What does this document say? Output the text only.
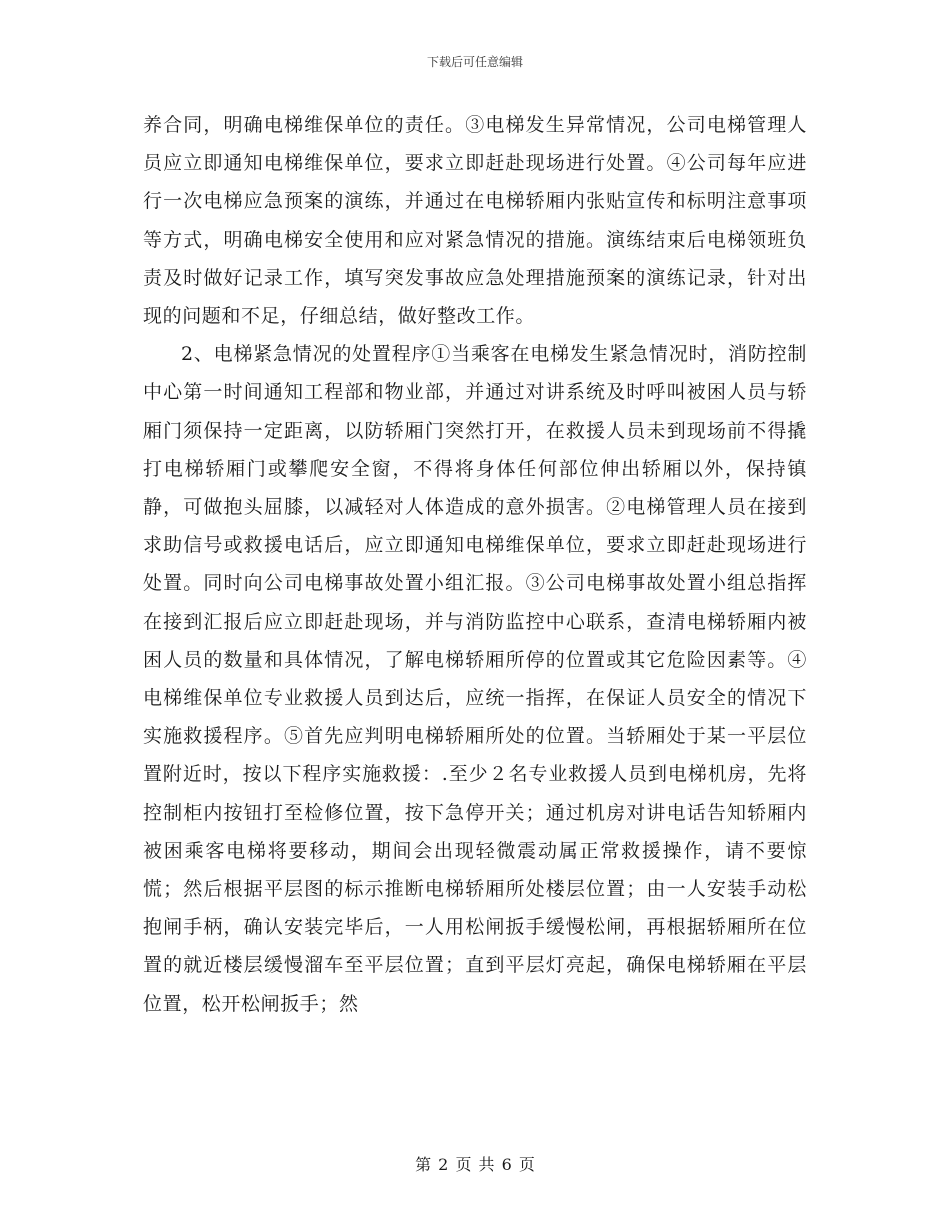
下载后可任意编辑

养合同，明确电梯维保单位的责任。③电梯发生异常情况，公司电梯管理人员应立即通知电梯维保单位，要求立即赶赴现场进行处置。④公司每年应进行一次电梯应急预案的演练，并通过在电梯轿厢内张贴宣传和标明注意事项等方式，明确电梯安全使用和应对紧急情况的措施。演练结束后电梯领班负责及时做好记录工作，填写突发事故应急处理措施预案的演练记录，针对出现的问题和不足，仔细总结，做好整改工作。

2、电梯紧急情况的处置程序①当乘客在电梯发生紧急情况时，消防控制中心第一时间通知工程部和物业部，并通过对讲系统及时呼叫被困人员与轿厢门须保持一定距离，以防轿厢门突然打开，在救援人员未到现场前不得撬打电梯轿厢门或攀爬安全窗，不得将身体任何部位伸出轿厢以外，保持镇静，可做抱头屈膝，以减轻对人体造成的意外损害。②电梯管理人员在接到求助信号或救援电话后，应立即通知电梯维保单位，要求立即赶赴现场进行处置。同时向公司电梯事故处置小组汇报。③公司电梯事故处置小组总指挥在接到汇报后应立即赶赴现场，并与消防监控中心联系，查清电梯轿厢内被困人员的数量和具体情况，了解电梯轿厢所停的位置或其它危险因素等。④电梯维保单位专业救援人员到达后，应统一指挥，在保证人员安全的情况下实施救援程序。⑤首先应判明电梯轿厢所处的位置。当轿厢处于某一平层位置附近时，按以下程序实施救援：.至少２名专业救援人员到电梯机房，先将控制柜内按钮打至检修位置，按下急停开关；通过机房对讲电话告知轿厢内被困乘客电梯将要移动，期间会出现轻微震动属正常救援操作，请不要惊慌；然后根据平层图的标示推断电梯轿厢所处楼层位置；由一人安装手动松抱闸手柄，确认安装完毕后，一人用松闸扳手缓慢松闸，再根据轿厢所在位置的就近楼层缓慢溜车至平层位置；直到平层灯亮起，确保电梯轿厢在平层位置，松开松闸扳手；然

第 2 页 共 6 页
